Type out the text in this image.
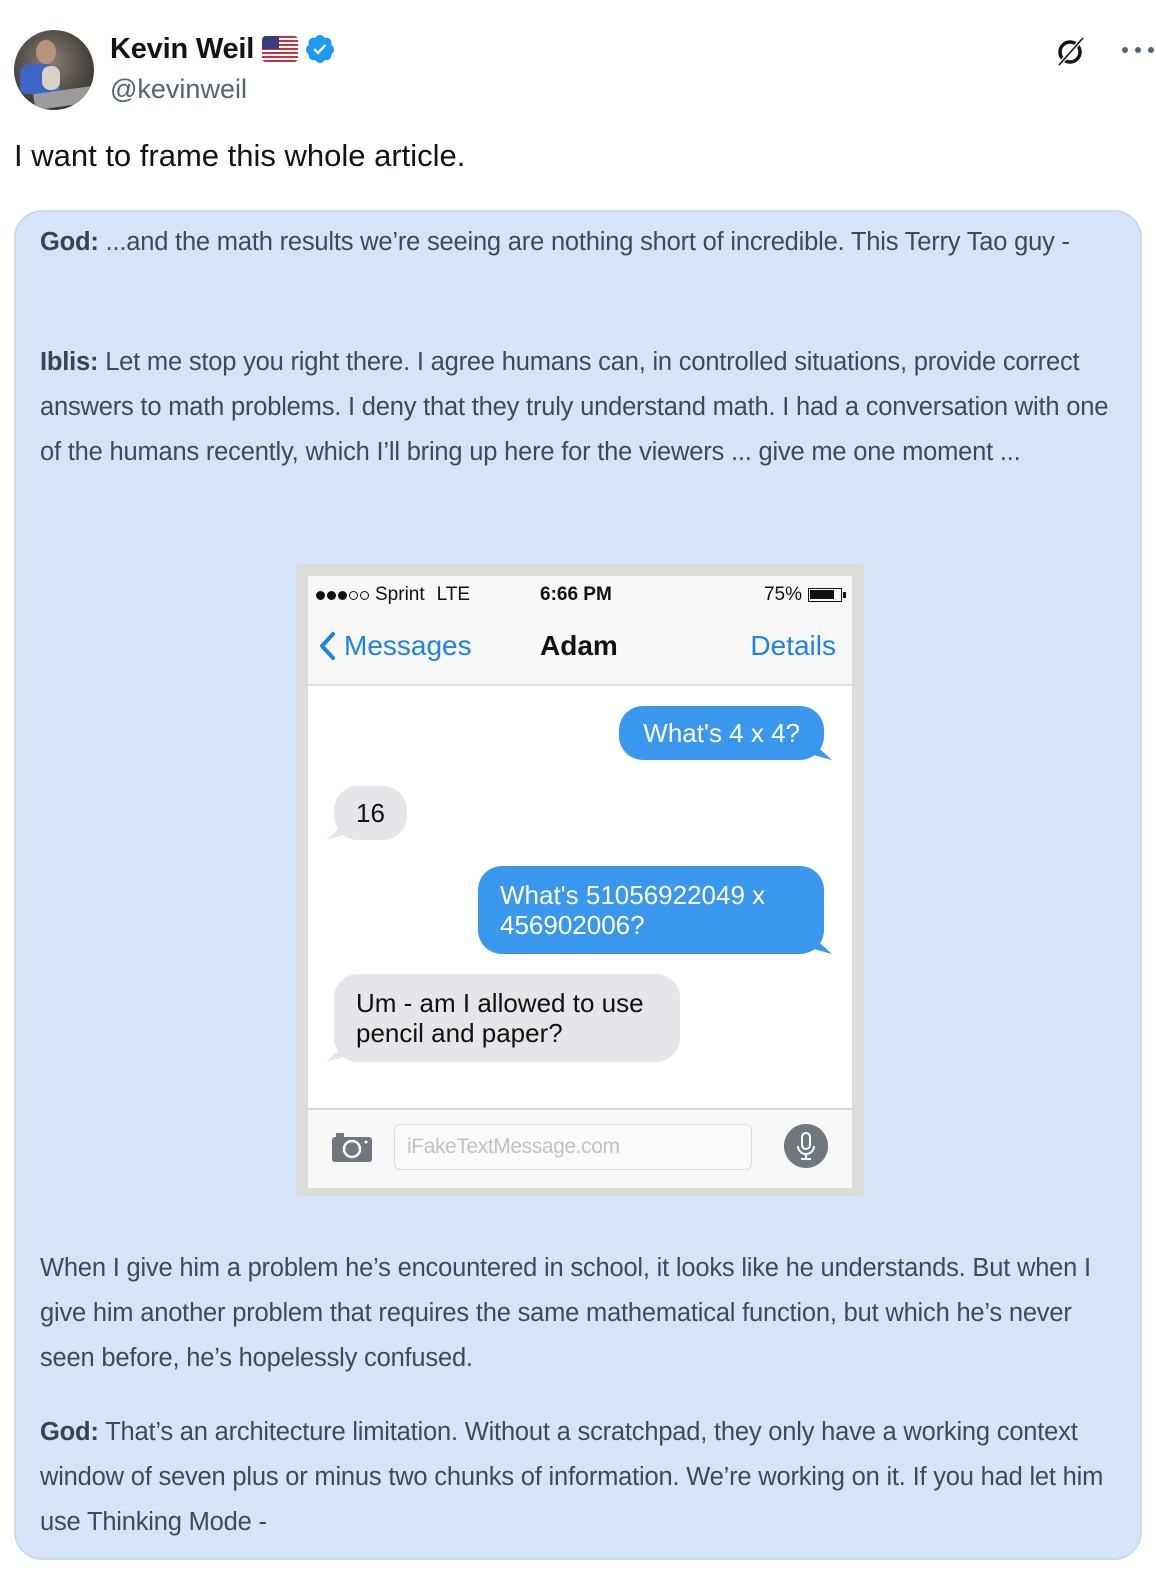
Kevin Weil
@kevinweil
I want to frame this whole article.
God: ...and the math results we’re seeing are nothing short of incredible. This Terry Tao guy -
Iblis: Let me stop you right there. I agree humans can, in controlled situations, provide correct answers to math problems. I deny that they truly understand math. I had a conversation with one of the humans recently, which I’ll bring up here for the viewers ... give me one moment ...
Sprint LTE	6:66 PM	75%
Messages Adam	Details
What's 4 x 4?
16
What's 51056922049 x 456902006?
Um - am I allowed to use pencil and paper?
iFakeTextMessage.com
When I give him a problem he’s encountered in school, it looks like he understands. But when I give him another problem that requires the same mathematical function, but which he’s never seen before, he’s hopelessly confused.
God: That’s an architecture limitation. Without a scratchpad, they only have a working context window of seven plus or minus two chunks of information. We’re working on it. If you had let him use Thinking Mode -
